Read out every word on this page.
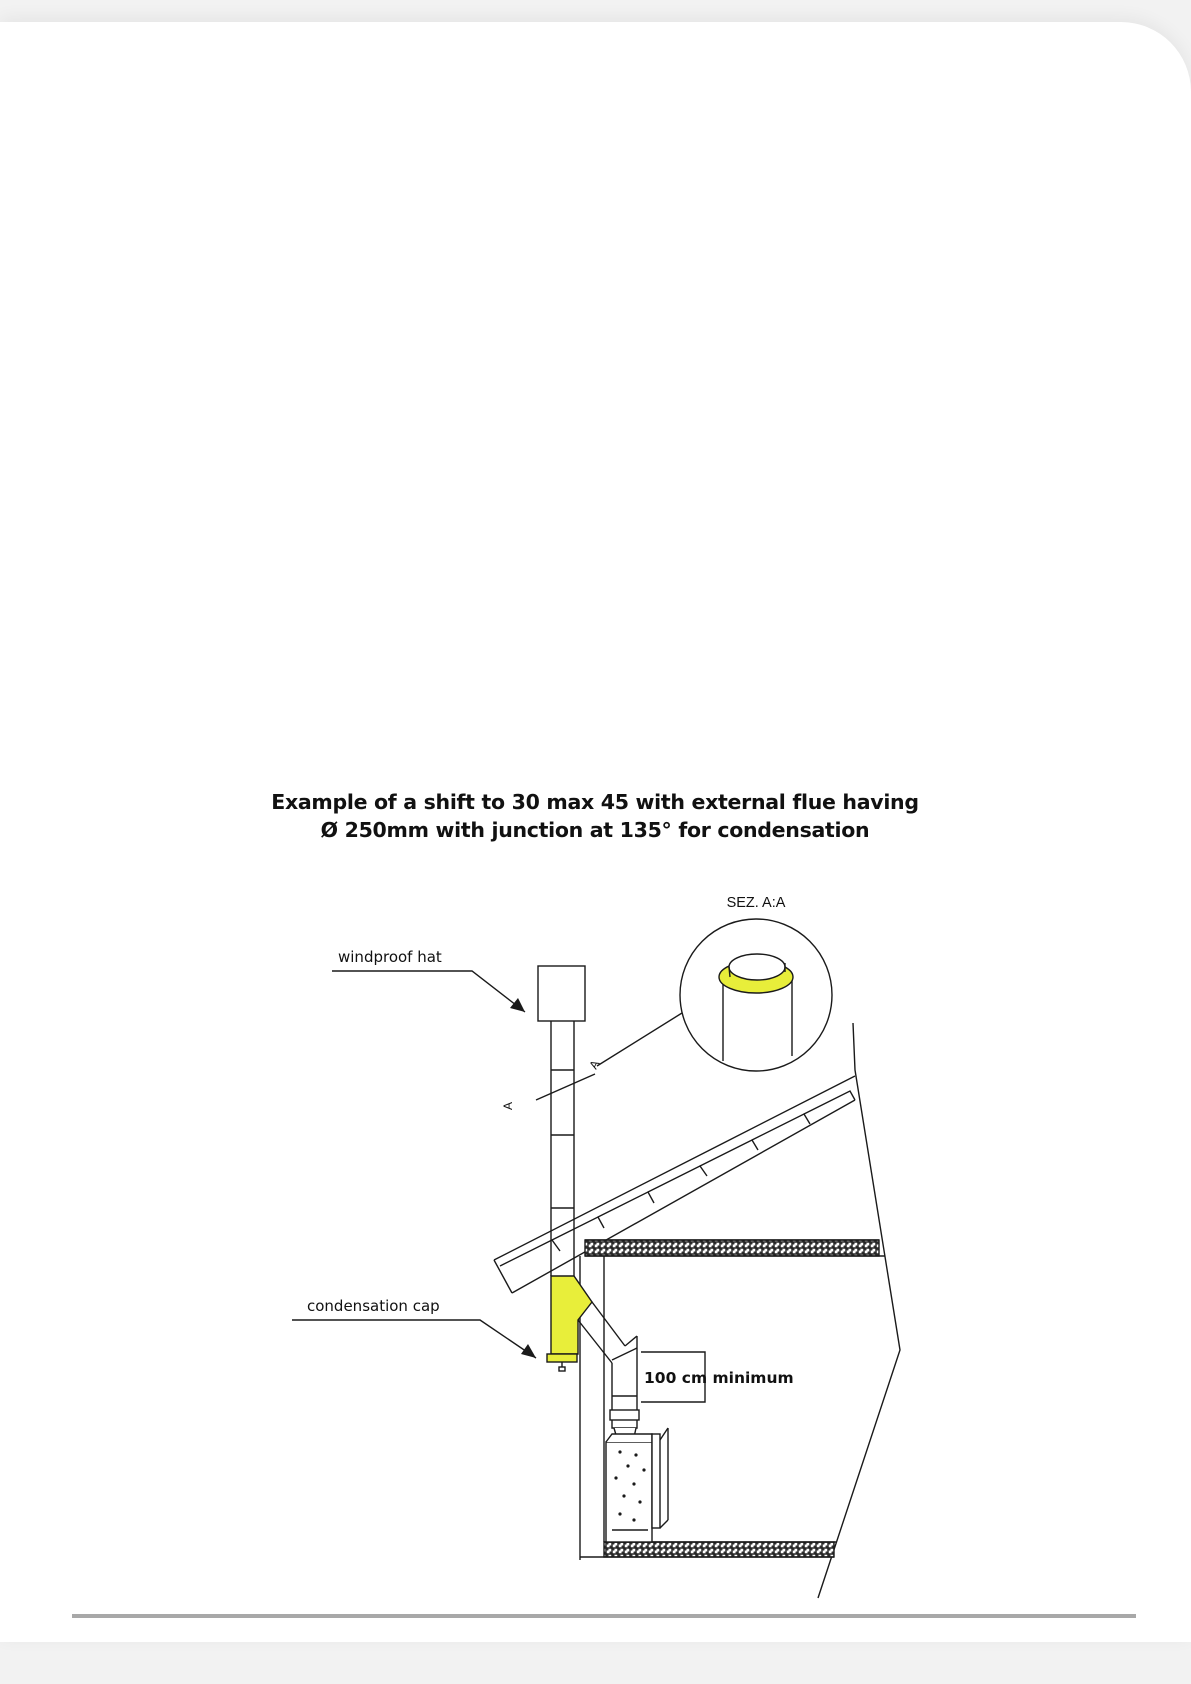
Example of a shift to 30 max 45 with external flue having
Ø 250mm with junction at 135° for condensation
SEZ. A:A
windproof hat
condensation cap
A
A
100 cm minimum
